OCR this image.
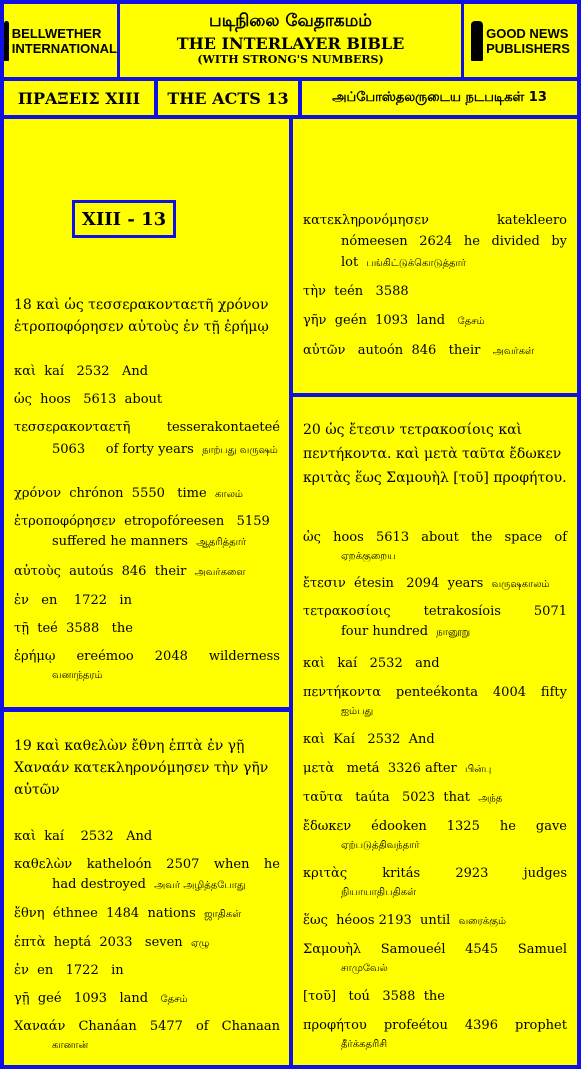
BELLWETHER
INTERNATIONAL
படிநிலை வேதாகமம்
THE INTERLAYER BIBLE
(WITH STRONG'S NUMBERS)
GOOD NEWS
PUBLISHERS
ΠΡΑΞΕΙΣ XIII	THE ACTS 13	அப்போஸ்தலருடைய நடபடிகள் 13
XIII - 13
18 καὶ ὡς τεσσερακονταετῆ χρόνον ἐτροποφόρησεν αὐτοὺς ἐν τῇ ἐρήμῳ
καὶ kaí 2532 And
ὡς hoos 5613 about
τεσσερακονταετῆ	tesserakontaeteé
5063 of forty years நாற்பது வருஷம்
χρόνον chrónon 5550 time காலம்
ἐτροποφόρησεν etropofóreesen 5159
suffered he manners ஆதரித்தார்
αὐτοὺς autoús 846 their அவர்களை
ἐν en 1722 in
τῇ teé 3588 the
ἐρήμῳ ereémoo 2048 wilderness
வனாந்தரம்
19 καὶ καθελὼν ἔθνη ἑπτὰ ἐν γῇ Χαναάν κατεκληρονόμησεν τὴν γῆν αὐτῶν
καὶ kaí 2532 And
καθελὼν katheloón 2507 when he
had destroyed அவர் அழித்தபோது
ἔθνη éthnee 1484 nations ஜாதிகள்
ἑπτὰ heptá 2033 seven ஏழு
ἐν en 1722 in
γῇ geé 1093 land தேசம்
Χαναάν Chanáan 5477 of Chanaan
கானான்
κατεκληρονόμησεν	katekleero
nómeesen 2624 he divided by
lot பங்கிட்டுக்கொடுத்தார்
τὴν teén 3588
γῆν geén 1093 land தேசம்
αὐτῶν autoón 846 their அவர்கள்
20 ὡς ἔτεσιν τετρακοσίοις καὶ πεντήκοντα. καὶ μετὰ ταῦτα ἔδωκεν κριτὰς ἕως Σαμουὴλ [τοῦ] προφήτου.
ὡς hoos 5613 about the space of
ஏறக்குறைய
ἔτεσιν étesin 2094 years வருஷகாலம்
τετρακοσίοις	tetrakosíois	5071
four hundred நானூறு
καὶ kaí 2532 and
πεντήκοντα penteékonta 4004 fifty
ஐம்பது
καὶ Kaí 2532 And
μετὰ metá 3326 after பின்பு
ταῦτα taúta 5023 that அந்த
ἔδωκεν édooken 1325 he gave
ஏற்படுத்திவந்தார்
κριτὰς	kritás	2923	judges
நியாயாதிபதிகள்
ἕως héoos 2193 until வரைக்கும்
Σαμουὴλ Samoueél 4545 Samuel
சாமுவேல்
[τοῦ] toú 3588 the
προφήτου profeétou 4396 prophet
தீர்க்கதரிசி
